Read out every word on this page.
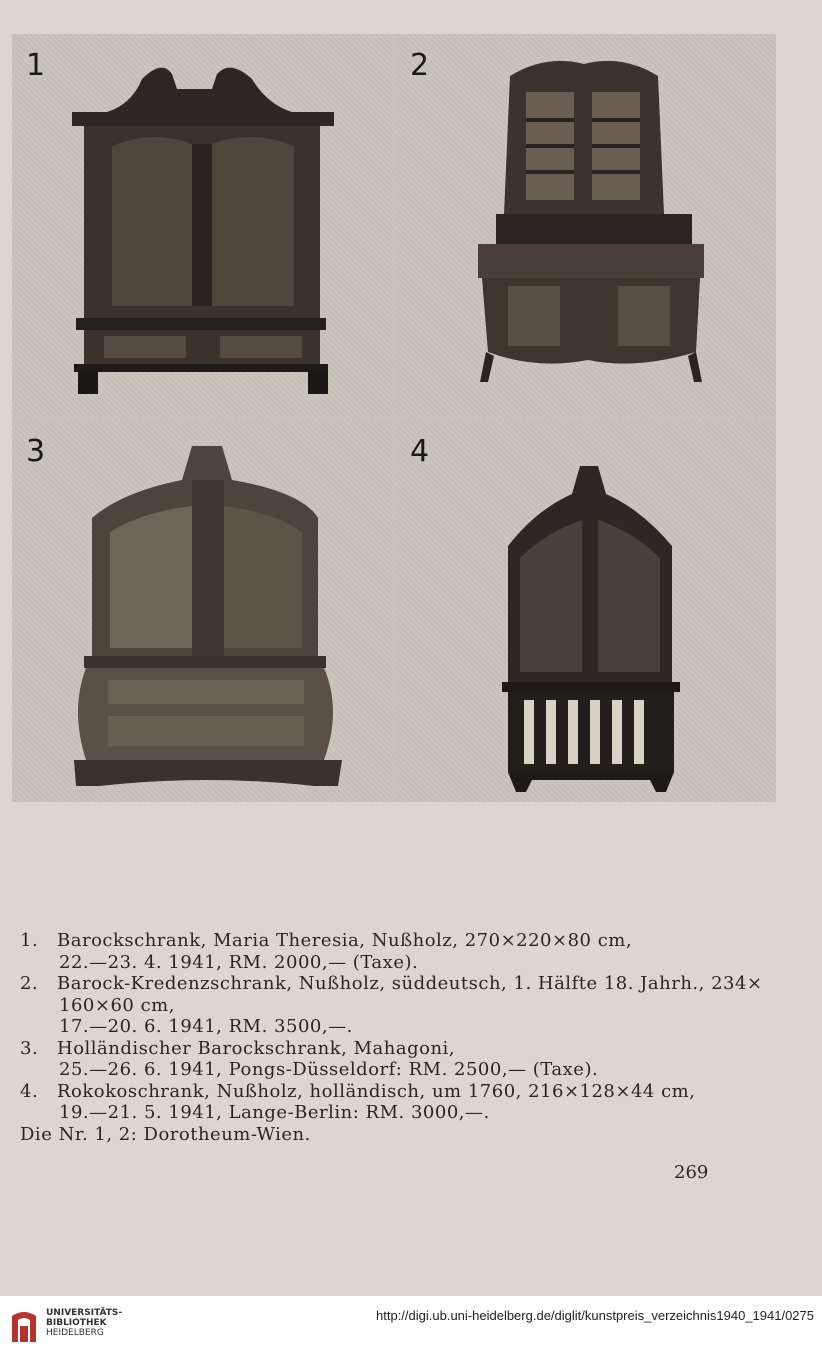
1	2
3	4
1. Barockschrank, Maria Theresia, Nußholz, 270×220×80 cm,
22.—23. 4. 1941, RM. 2000,— (Taxe).
2. Barock-Kredenzschrank, Nußholz, süddeutsch, 1. Hälfte 18. Jahrh., 234×
160×60 cm,
17.—20. 6. 1941, RM. 3500,—.
3. Holländischer Barockschrank, Mahagoni,
25.—26. 6. 1941, Pongs-Düsseldorf: RM. 2500,— (Taxe).
4. Rokokoschrank, Nußholz, holländisch, um 1760, 216×128×44 cm,
19.—21. 5. 1941, Lange-Berlin: RM. 3000,—.
Die Nr. 1, 2: Dorotheum-Wien.
269
UNIVERSITÄTS-
BIBLIOTHEK
HEIDELBERG
http://digi.ub.uni-heidelberg.de/diglit/kunstpreis_verzeichnis1940_1941/0275
